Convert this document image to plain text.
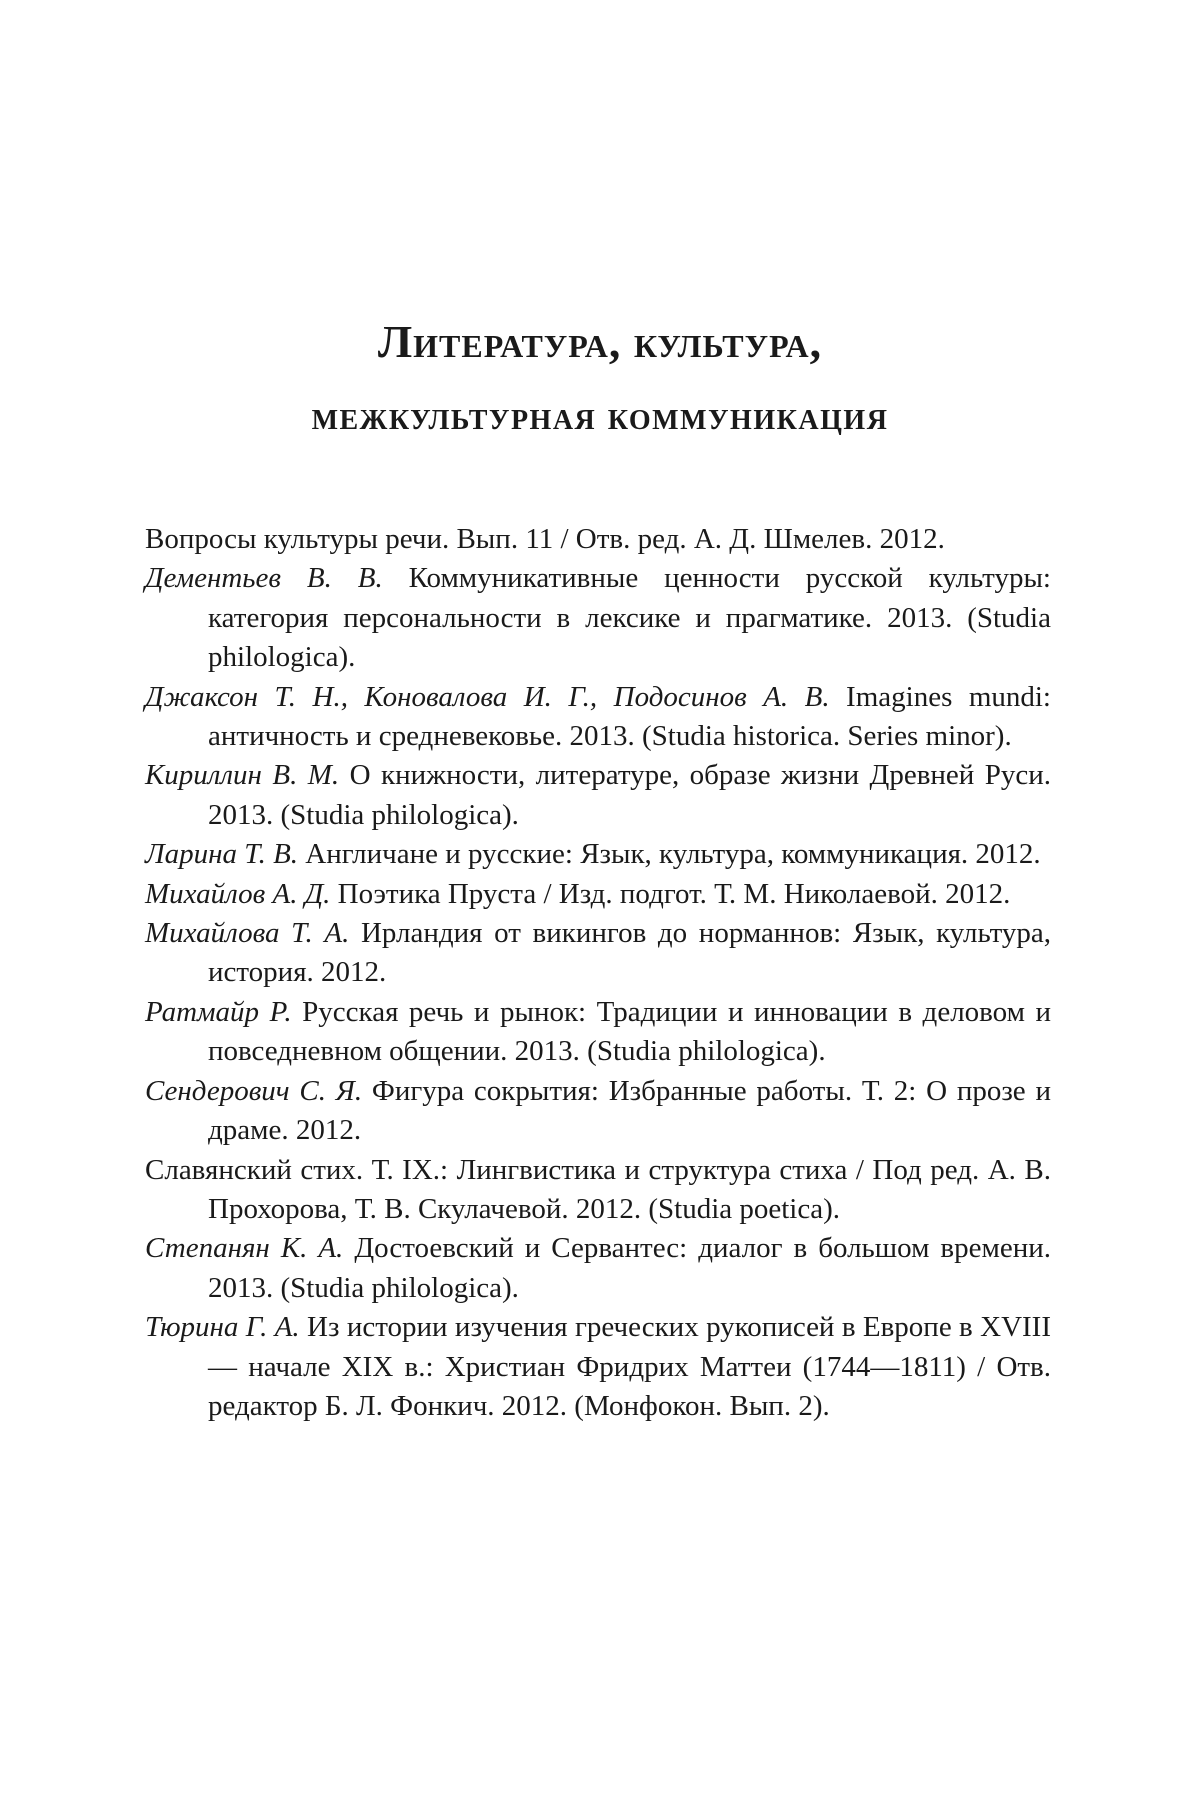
Литература, культура,
межкультурная коммуникация
Вопросы культуры речи. Вып. 11 / Отв. ред. А. Д. Шмелев. 2012.
Дементьев В. В. Коммуникативные ценности русской культуры: категория персональности в лексике и прагматике. 2013. (Studia philologica).
Джаксон Т. Н., Коновалова И. Г., Подосинов А. В. Imagines mundi: античность и средневековье. 2013. (Studia historica. Series minor).
Кириллин В. М. О книжности, литературе, образе жизни Древней Руси. 2013. (Studia philologica).
Ларина Т. В. Англичане и русские: Язык, культура, коммуникация. 2012.
Михайлов А. Д. Поэтика Пруста / Изд. подгот. Т. М. Николаевой. 2012.
Михайлова Т. А. Ирландия от викингов до норманнов: Язык, культура, история. 2012.
Ратмайр Р. Русская речь и рынок: Традиции и инновации в деловом и повседневном общении. 2013. (Studia philologica).
Сендерович С. Я. Фигура сокрытия: Избранные работы. Т. 2: О прозе и драме. 2012.
Славянский стих. Т. IX.: Лингвистика и структура стиха / Под ред. А. В. Прохорова, Т. В. Скулачевой. 2012. (Studia poetica).
Степанян К. А. Достоевский и Сервантес: диалог в большом времени. 2013. (Studia philologica).
Тюрина Г. А. Из истории изучения греческих рукописей в Европе в XVIII — начале XIX в.: Христиан Фридрих Маттеи (1744—1811) / Отв. редактор Б. Л. Фонкич. 2012. (Монфокон. Вып. 2).
